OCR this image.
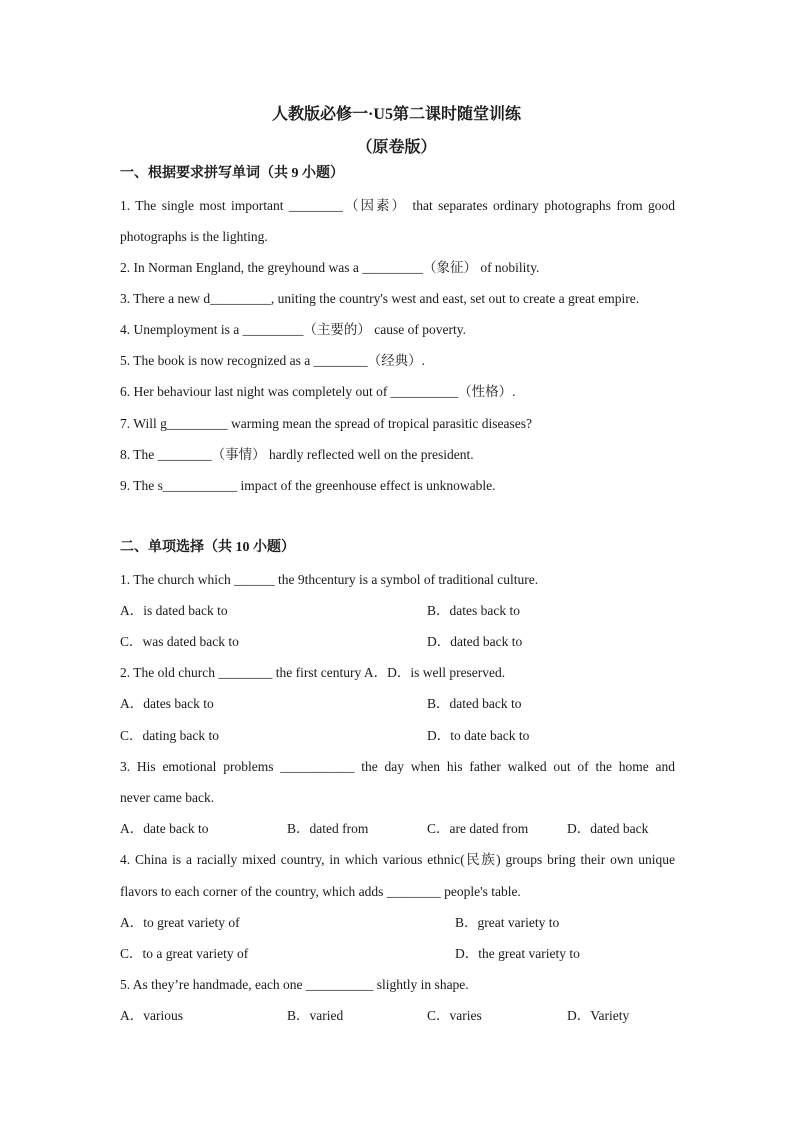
人教版必修一·U5第二课时随堂训练
（原卷版）
一、根据要求拼写单词（共 9 小题）
1. The single most important ________（因素） that separates ordinary photographs from good
photographs is the lighting.
2. In Norman England, the greyhound was a _________（象征） of nobility.
3. There a new d_________, uniting the country's west and east, set out to create a great empire.
4. Unemployment is a _________（主要的） cause of poverty.
5. The book is now recognized as a ________（经典）.
6. Her behaviour last night was completely out of __________（性格）.
7. Will g_________ warming mean the spread of tropical parasitic diseases?
8. The ________（事情） hardly reflected well on the president.
9. The s___________ impact of the greenhouse effect is unknowable.
二、单项选择（共 10 小题）
1. The church which ______ the 9thcentury is a symbol of traditional culture.
A．is dated back to	B．dates back to
C．was dated back to	D．dated back to
2. The old church ________ the first century A．D．is well preserved.
A．dates back to	B．dated back to
C．dating back to	D．to date back to
3. His emotional problems ___________ the day when his father walked out of the home and
never came back.
A．date back to	B．dated from	C．are dated from	D．dated back
4. China is a racially mixed country, in which various ethnic(民族) groups bring their own unique
flavors to each corner of the country, which adds ________ people's table.
A．to great variety of	B．great variety to
C．to a great variety of	D．the great variety to
5. As they’re handmade, each one __________ slightly in shape.
A．various	B．varied	C．varies	D．Variety
